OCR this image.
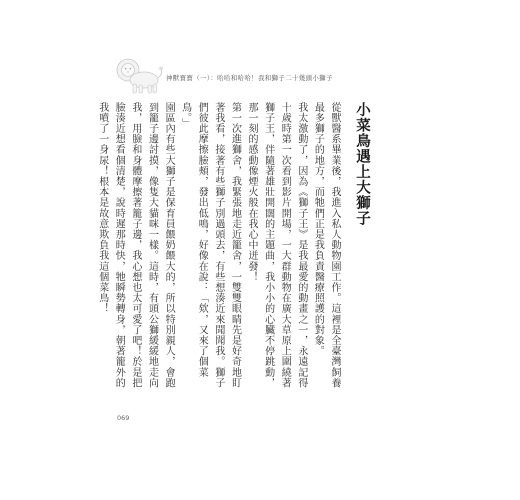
神獸寶寶（一）：哈哈和哈哈！我和獅子二十幾頭小獅子
小菜鳥遇上大獅子

從獸醫系畢業後，我進入私人動物園工作。這裡是全臺灣飼養最多獅子的地方，而牠們正是我負責醫療照護的對象。

我太激動了，因為《獅子王》是我最愛的動畫之一，永遠記得十歲時第一次看到影片開場，一大群動物在廣大草原上圍繞著獅子王，伴隨著雄壯開闊的主題曲，我小小的心臟不停跳動，那一刻的感動像煙火般在我心中迸發！

第一次進獅舍，我緊張地走近籠舍，一雙雙眼睛先是好奇地盯著我看，接著有些獅子別過頭去，有些想湊近來聞聞我。獅子們彼此摩擦臉頰，發出低鳴，好像在說：「欸，又來了個菜鳥。」

園區內有些大獅子是保育員餵奶餵大的，所以特別親人，會跑到籠子邊討摸，像隻大貓咪一樣。這時，有頭公獅緩緩地走向我，用臉和身體摩擦著籠子邊，我心想也太可愛了吧！於是把臉湊近想看個清楚，說時遲那時快，牠瞬勢轉身，朝著籠外的我噴了一身尿！根本是故意欺負我這個菜鳥！

069
